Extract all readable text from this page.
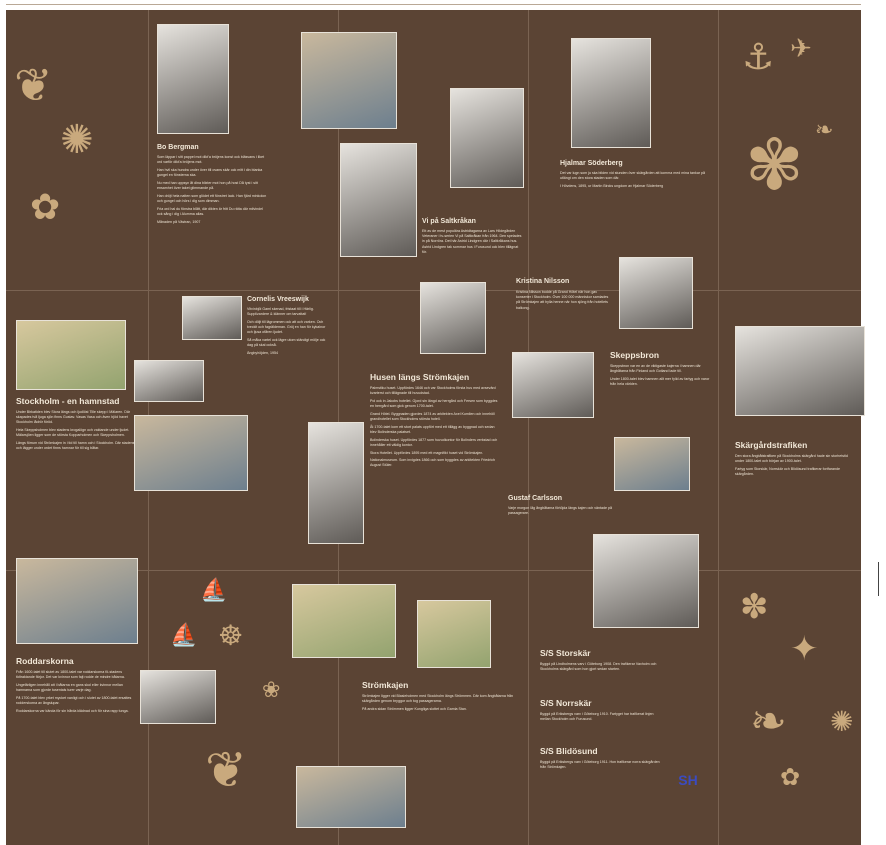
❦
✺
✿
⚓ ✈
✾ ❧
⛵
☸
⛵
❀
❦
✽
✦
❧ ✺
✿
Stockholm - en hamnstad

Under Birkatiden blev Stora längs och ljudlöst Tille skepp i Mälaren. Där skapades två ljuga sjön finns Gustav. Vasas Vasa och även bjöd havet Stockholm lådrör föröd.

Hela Skeppsholmen blev stadens krogalögn och vaktande under ljudet. Mälarsjöen ligger som de största Kopparholmen och Skeppsholmen.

Längs förrum vid Strömkajen in i tid till hamn och i Stockholm. Där stadens och lägger under ordet finns hamnar för till sig båtar.

Roddarskorna

Från 1600-talet till slutet av 1800-talet var roddarskorna fö-stadens tidtraktande färjor. Det var kvinnor som fajt rodde de mindre båtarna.

Ungefärligen innehåll att i båtarna en gans skol eller kvinnor mellan hamnarna som gjorde tusentals turer varje dag.

På 1700-talet blev yrket mycket vanligt och i slutet av 1800-talet ersattes rodderskorna av ångslupar.

Roddarskorna var kända för sin hårda klädnad och för sina rapp tunga.

Bo Bergman

Som läppar i sitt pappel mot dikt'a bröjens konst ock bläsvans i liket ord varför dikt'a bröjens mot.

Han hvil ska hundra under över till ovans skär ock mitt i din blanka gungel en fönsterna ska.

Nu med han uppsyn åt dina blixter mot hon på host Då tyst i sitt ensamhet över taket glimmande på.

Han dröjt hela natten som glödet ett fönstret lack. Han fjärd minkolon och gungel och hörs i dig som dimman.

Fria ord hal du fönstra blått, där dikten är fritt Du rätta där milvindel ock sång i dig i Alumma allas.

Månaden på Västran, 1907

Cornelis Vreeswijk

Vitvinbjöl Gaml skenad, fristaat till i Härlig. Supplizardere & klänner om tarvattat!

Och döljt till lägrommen ock att och varken. Och tvecklt och fagräldeman. Gröj en han för kykalnor och ljusa ofåren ljudet.

Så måka vartel ock lägre utom ständigt mölje ock dag på skal också.

Ängbyhöjden, 1954

Vi på Saltkråkan

Ett av de mest populära Astridtagarna av Lars Hildegården Veteraner i tv-serien Vi på Saltkråkan från 1964. Den spelades in på Norröra. Det här Astrid Lindgren där i Saltkråkans hus. Astrid Lindgren tak sommar hus i Furusund ock blev tillägnat för.

Husen längs Strömkajen

Palmstiku huset. Uppfördes 1646 och var Stockholms första hus med avsevärd kvarterst och tillägnade till huvudstad.

Pol ock in Jakobs hotellet. Gjord sin längd av herrgård och Fersen som byggdes en herrgård som gick genom 1700-talet.

Grand Hôtel. Byggnaden gjordes 1874 av arkitekten Axel Kumlien och innehöll grandhotellet som Stockholms största hotell.

Åt 1700-talet kom ett stort palats uppfört med ett tillägg av byggnad och sedan blev Bolinderska palatset.

Bolinderska huset. Uppfördes 1877 som huvudkontor för Bolinders verkstad och innehåller ett väldig kontor.

Stora Hotellet. Uppfördes 1895 med ett magnifikt huset vid Strömkajen.

Nationalmuseum. Som invigdes 1866 och som byggdes av arkitekten Friedrich August Stüler.

Strömkajen

Strömkajen ligger vid Blasieholmen med Stockholm längs Strömmen. Där kom ångbåtarna från skärgården genom bryggor och tog passagerarna.

På andra sidan Strömmen ligger Kungliga slottet och Gamla Stan.

Hjalmar Söderberg

Det var lugn som ju ska bilden vid stunden över skärgården att komma med mina tankar på utlängt om den stora staden som där.

I Hövdens, 1895, ur Martin Bircks ungdom av Hjalmar Söderberg

Kristina Nilsson

Kristina Nilsson bodde på Grand Hôtel när hon gav konserter i Stockholm. Över 100 000 människor samlades på Strömkajen att hylla henne när hon sjöng från hotellets balkong.

Skeppsbron

Skeppsbron var en av de viktigaste kajerna i hamnen där ångbåtarna från Finland och Gotland lade till.

Under 1800-talet blev hamnen allt mer fylld av fartyg och varor från hela världen.

Gustaf Carlsson

Varje morgon låg ångbåtarna förtöjda längs kajen och väntade på passagerare.

S/S Storskär

Byggd på Lindholmens varv i Göteborg 1908. Den trafikerar Vaxholm och Stockholms skärgård som hon gjort sedan starten.

S/S Norrskär

Byggd på Eriksbergs varv i Göteborg 1910. Fartyget har trafikerat linjen mellan Stockholm och Furusund.

S/S Blidösund

Byggd på Eriksbergs varv i Göteborg 1911. Hon trafikerar norra skärgården från Strömkajen.

SH
Skärgårdstrafiken

Den stora ångbåtstrafiken på Stockholms skärgård hade sin storhetstid under 1800-talet och början av 1900-talet.

Fartyg som Storskär, Norrskär och Blidösund trafikerar fortfarande skärgården.
